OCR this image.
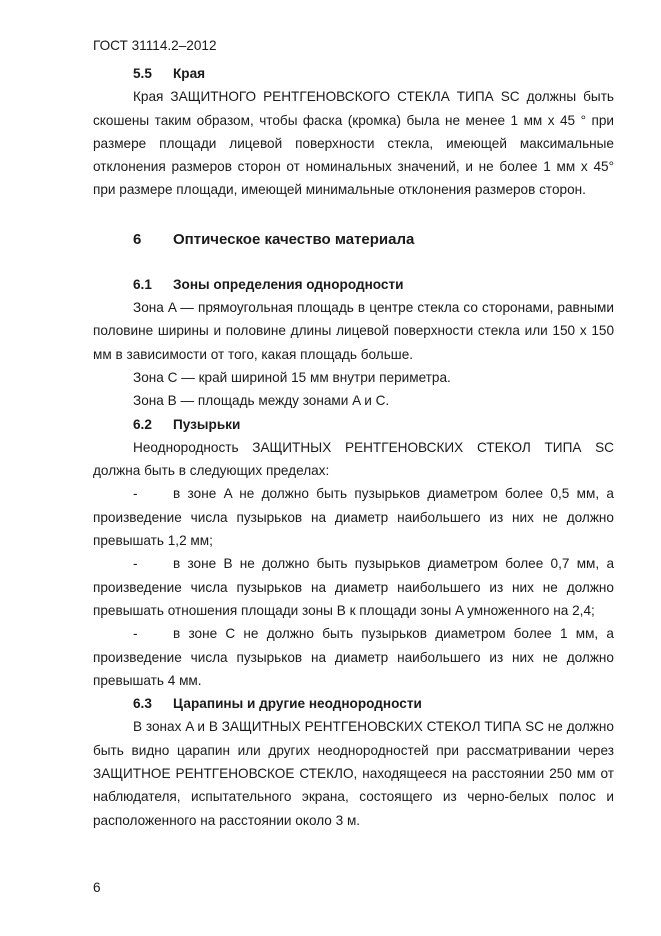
ГОСТ 31114.2–2012
5.5	Края

Края ЗАЩИТНОГО РЕНТГЕНОВСКОГО СТЕКЛА ТИПА SC должны быть скошены таким образом, чтобы фаска (кромка) была не менее 1 мм x 45 ° при размере площади лицевой поверхности стекла, имеющей максимальные отклонения размеров сторон от номинальных значений, и не более 1 мм x 45° при размере площади, имеющей минимальные отклонения размеров сторон.

6	Оптическое качество материала
6.1	Зоны определения однородности

Зона A — прямоугольная площадь в центре стекла со сторонами, равными половине ширины и половине длины лицевой поверхности стекла или 150 x 150 мм в зависимости от того, какая площадь больше.

Зона C — край шириной 15 мм внутри периметра.

Зона B — площадь между зонами A и C.

6.2	Пузырьки

Неоднородность ЗАЩИТНЫХ РЕНТГЕНОВСКИХ СТЕКОЛ ТИПА SC должна быть в следующих пределах:

-	в зоне A не должно быть пузырьков диаметром более 0,5 мм, а произведение числа пузырьков на диаметр наибольшего из них не должно превышать 1,2 мм;

-	в зоне B не должно быть пузырьков диаметром более 0,7 мм, а произведение числа пузырьков на диаметр наибольшего из них не должно превышать отношения площади зоны B к площади зоны A умноженного на 2,4;

-	в зоне C не должно быть пузырьков диаметром более 1 мм, а произведение числа пузырьков на диаметр наибольшего из них не должно превышать 4 мм.

6.3	Царапины и другие неоднородности

В зонах A и B ЗАЩИТНЫХ РЕНТГЕНОВСКИХ СТЕКОЛ ТИПА SC не должно быть видно царапин или других неоднородностей при рассматривании через ЗАЩИТНОЕ РЕНТГЕНОВСКОЕ СТЕКЛО, находящееся на расстоянии 250 мм от наблюдателя, испытательного экрана, состоящего из черно-белых полос и расположенного на расстоянии около 3 м.

6
